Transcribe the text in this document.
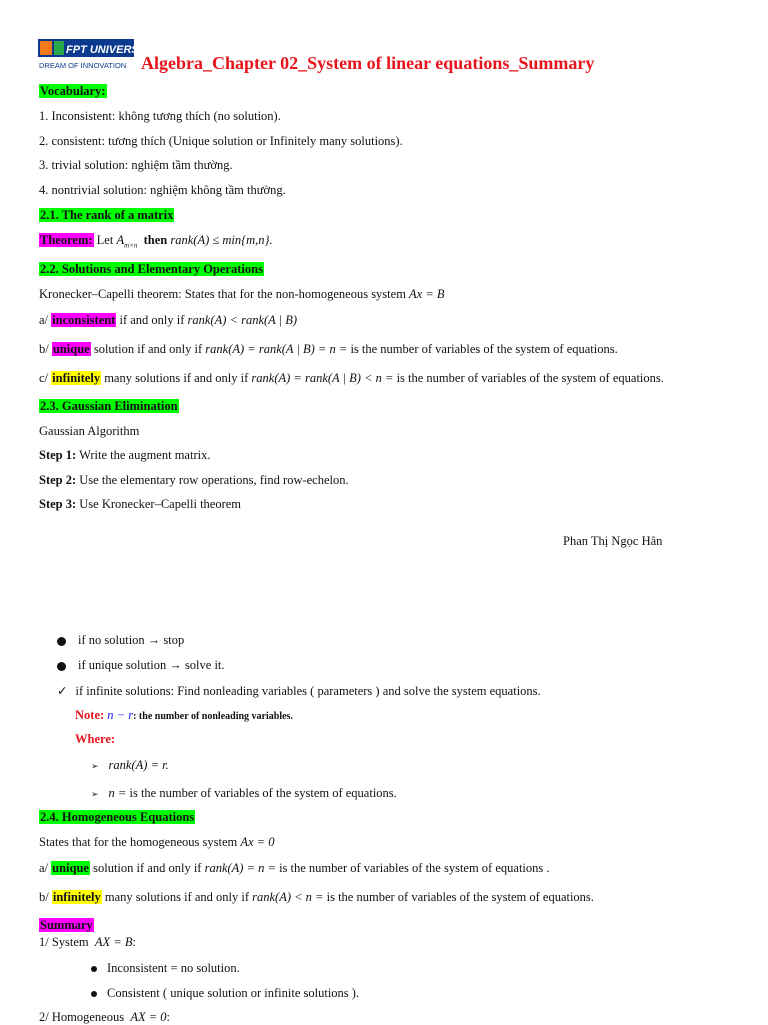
FPT UNIVERSITY
DREAM OF INNOVATION Algebra_Chapter 02_System of linear equations_Summary
Vocabulary:
1. Inconsistent: không tương thích (no solution).
2. consistent: tương thích (Unique solution or Infinitely many solutions).
3. trivial solution: nghiệm tầm thường.
4. nontrivial solution: nghiệm không tầm thường.
2.1. The rank of a matrix
Theorem: Let $A_{m\times n}$ then rank(A) ≤ min{m,n}.
2.2. Solutions and Elementary Operations
Kronecker–Capelli theorem: States that for the non-homogeneous system Ax = B
a/ inconsistent if and only if rank(A) < rank(A | B)
b/ unique solution if and only if rank(A) = rank(A | B) = n = is the number of variables of the system of equations.
c/ infinitely many solutions if and only if rank(A) = rank(A | B) < n = is the number of variables of the system of equations.
2.3. Gaussian Elimination
Gaussian Algorithm
Step 1: Write the augment matrix.
Step 2: Use the elementary row operations, find row-echelon.
Step 3: Use Kronecker–Capelli theorem
Phan Thị Ngọc Hân
if no solution → stop
if unique solution → solve it.
✓ if infinite solutions: Find nonleading variables ( parameters ) and solve the system equations.
Note: n − r: the number of nonleading variables.
Where:
➢ rank(A) = r.
➢ n = is the number of variables of the system of equations.
2.4. Homogeneous Equations
States that for the homogeneous system Ax = 0
a/ unique solution if and only if rank(A) = n = is the number of variables of the system of equations .
b/ infinitely many solutions if and only if rank(A) < n = is the number of variables of the system of equations.
Summary
1/ System AX = B:
Inconsistent = no solution.
Consistent ( unique solution or infinite solutions ).
2/ Homogeneous AX = 0:
